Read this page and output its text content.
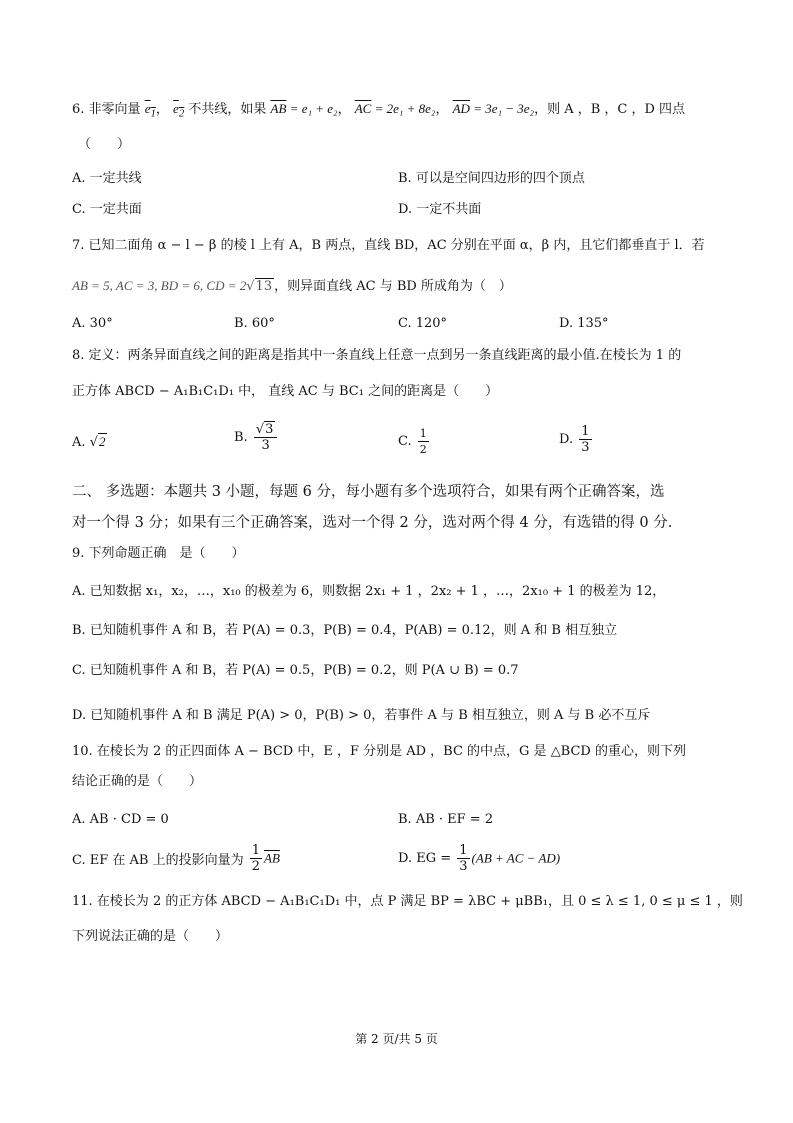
6. 非零向量 $e_1$， $e_2$ 不共线，如果 $\overline{AB} = e_1 + e_2$， $\overline{AC} = 2e_1 + 8e_2$， $\overline{AD} = 3e_1 - 3e_2$，则 A ，B ，C ，D 四点
（　　）
A. 一定共线	B. 可以是空间四边形的四个顶点
C. 一定共面	D. 一定不共面
7. 已知二面角 α − l − β 的棱 l 上有 A，B 两点，直线 BD，AC 分别在平面 α，β 内，且它们都垂直于 l．若
AB = 5, AC = 3, BD = 6, CD = 2√13 ，则异面直线 AC 与 BD 所成角为（　）
A. 30°	B. 60°	C. 120°	D. 135°
8. 定义：两条异面直线之间的距离是指其中一条直线上任意一点到另一条直线距离的最小值.在棱长为 1 的
正方体 ABCD − A₁B₁C₁D₁ 中， 直线 AC 与 BC₁ 之间的距离是（　　）
A. √2	B. $\frac{√3}{3}$	C. $\frac{1}{2}$	D. $\frac{1}{3}$
二、 多选题：本题共 3 小题，每题 6 分，每小题有多个选项符合，如果有两个正确答案，选
对一个得 3 分；如果有三个正确答案，选对一个得 2 分，选对两个得 4 分，有选错的得 0 分.
9. 下列命题正确　是（　　）
A. 已知数据 x₁，x₂，…，x₁₀ 的极差为 6，则数据 2x₁ + 1 ，2x₂ + 1 ，…，2x₁₀ + 1 的极差为 12，
B. 已知随机事件 A 和 B，若 P(A) = 0.3，P(B) = 0.4，P(AB) = 0.12，则 A 和 B 相互独立
C. 已知随机事件 A 和 B，若 P(A) = 0.5，P(B) = 0.2，则 P(A ∪ B) = 0.7
D. 已知随机事件 A 和 B 满足 P(A) > 0，P(B) > 0，若事件 A 与 B 相互独立，则 A 与 B 必不互斥
10. 在棱长为 2 的正四面体 A − BCD 中，E ，F 分别是 AD ，BC 的中点，G 是 △BCD 的重心，则下列
结论正确的是（　　）
A. AB · CD = 0	B. AB · EF = 2
C. EF 在 AB 上的投影向量为 $\frac{1}{2} \overline{AB}$	D. EG = $\frac{1}{3} (AB$ + AC − AD)
11. 在棱长为 2 的正方体 ABCD − A₁B₁C₁D₁ 中，点 P 满足 BP = λBC + μBB₁，且 0 ≤ λ ≤ 1, 0 ≤ μ ≤ 1 ，则
下列说法正确的是（　　）
第 2 页/共 5 页
